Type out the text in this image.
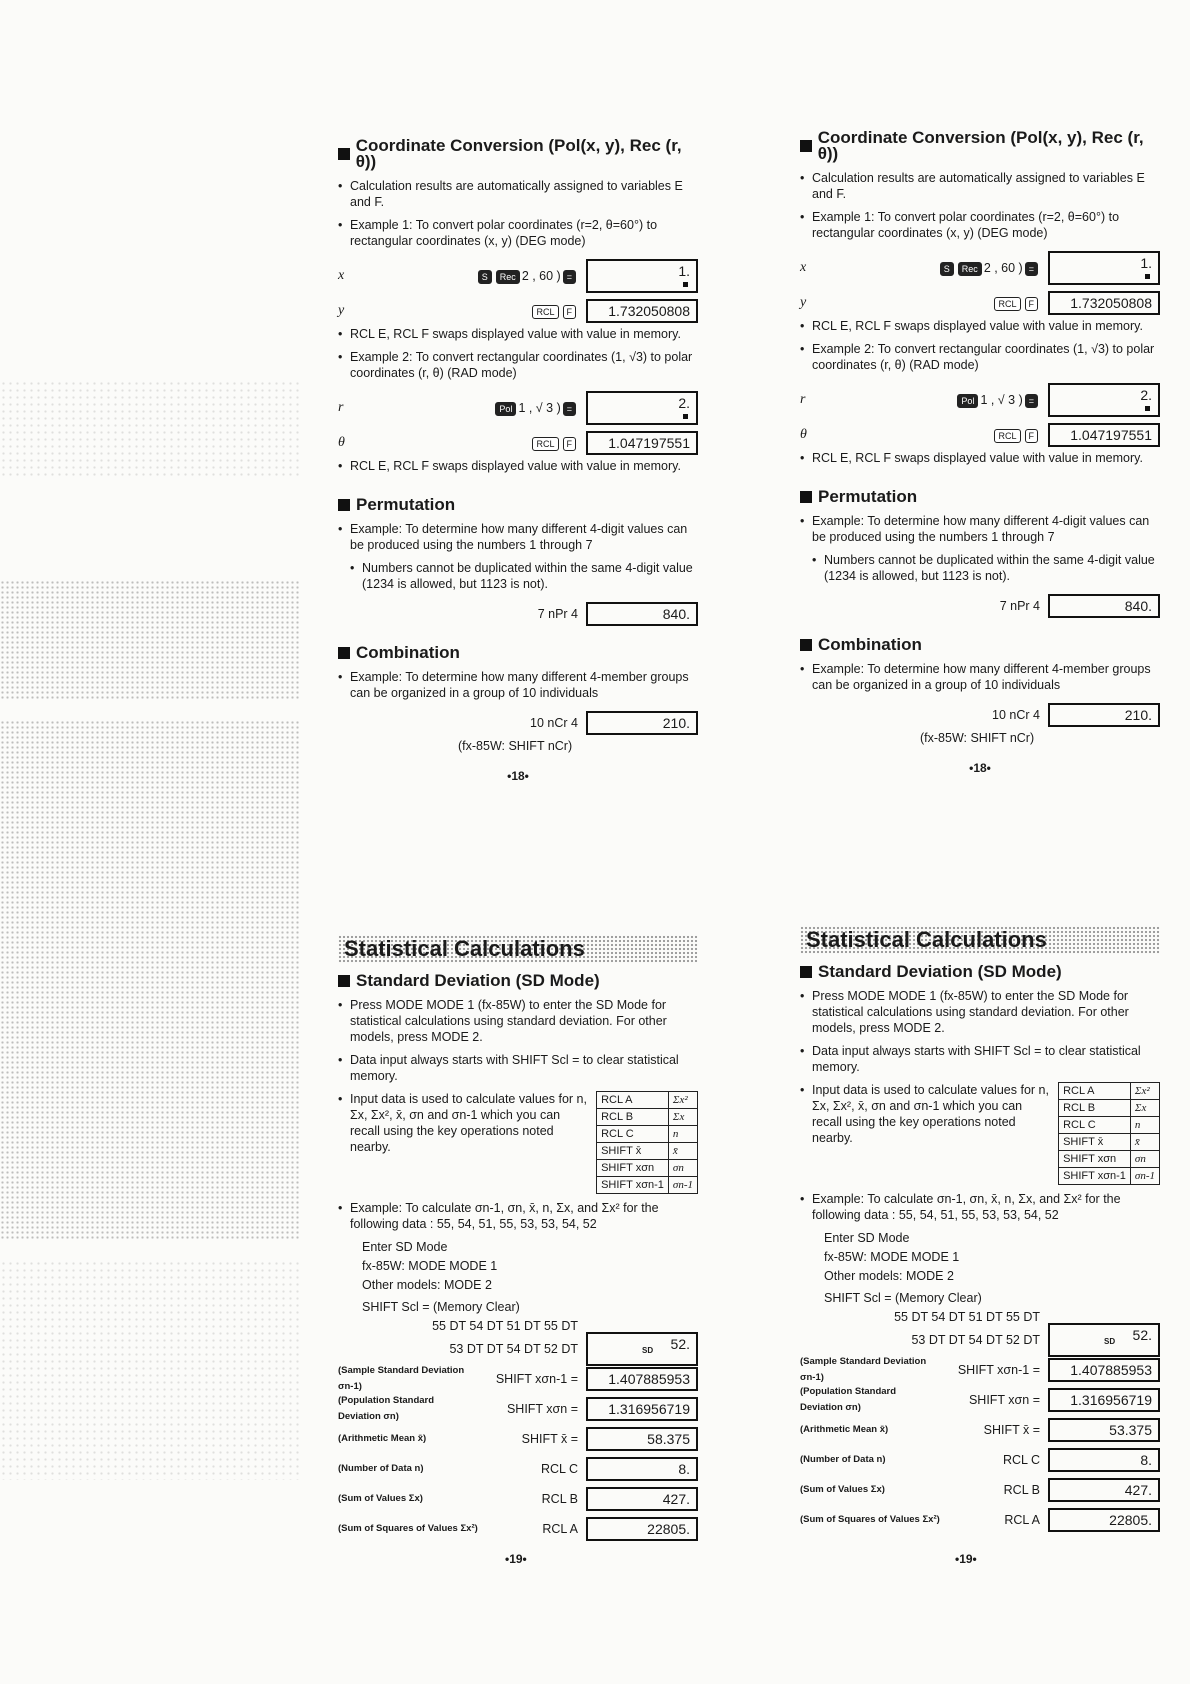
Coordinate Conversion (Pol(x, y), Rec (r, θ))

• Calculation results are automatically assigned to variables E and F.

• Example 1: To convert polar coordinates (r=2, θ=60°) to rectangular coordinates (x, y) (DEG mode)

x	S Rec 2 , 60 ) =	1.
y	RCL F	1.732050808

• RCL E, RCL F swaps displayed value with value in memory.

• Example 2: To convert rectangular coordinates (1, √3) to polar coordinates (r, θ) (RAD mode)

r	Pol 1 , √ 3 ) =	2.
θ	RCL F	1.047197551

• RCL E, RCL F swaps displayed value with value in memory.

Permutation

• Example: To determine how many different 4-digit values can be produced using the numbers 1 through 7

• Numbers cannot be duplicated within the same 4-digit value (1234 is allowed, but 1123 is not).

7 nPr 4	840.
Combination

• Example: To determine how many different 4-member groups can be organized in a group of 10 individuals

10 nCr 4	210.
(fx-85W: SHIFT nCr)
•18•
Coordinate Conversion (Pol(x, y), Rec (r, θ))

• Calculation results are automatically assigned to variables E and F.

• Example 1: To convert polar coordinates (r=2, θ=60°) to rectangular coordinates (x, y) (DEG mode)

x	S Rec 2 , 60 ) =	1.
y	RCL F	1.732050808

• RCL E, RCL F swaps displayed value with value in memory.

• Example 2: To convert rectangular coordinates (1, √3) to polar coordinates (r, θ) (RAD mode)

r	Pol 1 , √ 3 ) =	2.
θ	RCL F	1.047197551

• RCL E, RCL F swaps displayed value with value in memory.

Permutation

• Example: To determine how many different 4-digit values can be produced using the numbers 1 through 7

• Numbers cannot be duplicated within the same 4-digit value (1234 is allowed, but 1123 is not).

7 nPr 4	840.
Combination

• Example: To determine how many different 4-member groups can be organized in a group of 10 individuals

10 nCr 4	210.
(fx-85W: SHIFT nCr)
•18•
Statistical Calculations
Standard Deviation (SD Mode)

• Press MODE MODE 1 (fx-85W) to enter the SD Mode for statistical calculations using standard deviation. For other models, press MODE 2.

• Data input always starts with SHIFT Scl = to clear statistical memory.

RCL A	Σx²
RCL B	Σx
RCL C	n
SHIFT x̄	x̄
SHIFT xσn	σn
SHIFT xσn-1	σn-1

• Input data is used to calculate values for n, Σx, Σx², x̄, σn and σn-1 which you can recall using the key operations noted nearby.

• Example: To calculate σn-1, σn, x̄, n, Σx, and Σx² for the following data : 55, 54, 51, 55, 53, 53, 54, 52

Enter SD Mode
fx-85W: MODE MODE 1
Other models: MODE 2
SHIFT Scl = (Memory Clear)
55 DT 54 DT 51 DT 55 DT
53 DT DT 54 DT 52 DT	52.
SD
(Sample Standard Deviation σn-1)
SHIFT xσn-1 =	1.407885953
(Population Standard Deviation σn)
SHIFT xσn =	1.316956719
(Arithmetic Mean x̄)	SHIFT x̄ =	58.375
(Number of Data n)	RCL C	8.
(Sum of Values Σx)	RCL B	427.
(Sum of Squares of Values Σx²)	RCL A	22805.
Statistical Calculations
Standard Deviation (SD Mode)

• Press MODE MODE 1 (fx-85W) to enter the SD Mode for statistical calculations using standard deviation. For other models, press MODE 2.

• Data input always starts with SHIFT Scl = to clear statistical memory.

RCL A	Σx²
RCL B	Σx
RCL C	n
SHIFT x̄	x̄
SHIFT xσn	σn
SHIFT xσn-1	σn-1

• Input data is used to calculate values for n, Σx, Σx², x̄, σn and σn-1 which you can recall using the key operations noted nearby.

• Example: To calculate σn-1, σn, x̄, n, Σx, and Σx² for the following data : 55, 54, 51, 55, 53, 53, 54, 52

Enter SD Mode
fx-85W: MODE MODE 1
Other models: MODE 2
SHIFT Scl = (Memory Clear)
55 DT 54 DT 51 DT 55 DT
53 DT DT 54 DT 52 DT	52.
SD
(Sample Standard Deviation σn-1)
SHIFT xσn-1 =	1.407885953
(Population Standard Deviation σn)
SHIFT xσn =	1.316956719
(Arithmetic Mean x̄)	SHIFT x̄ =	53.375
(Number of Data n)	RCL C	8.
(Sum of Values Σx)	RCL B	427.
(Sum of Squares of Values Σx²)	RCL A	22805.
•19•	•19•
